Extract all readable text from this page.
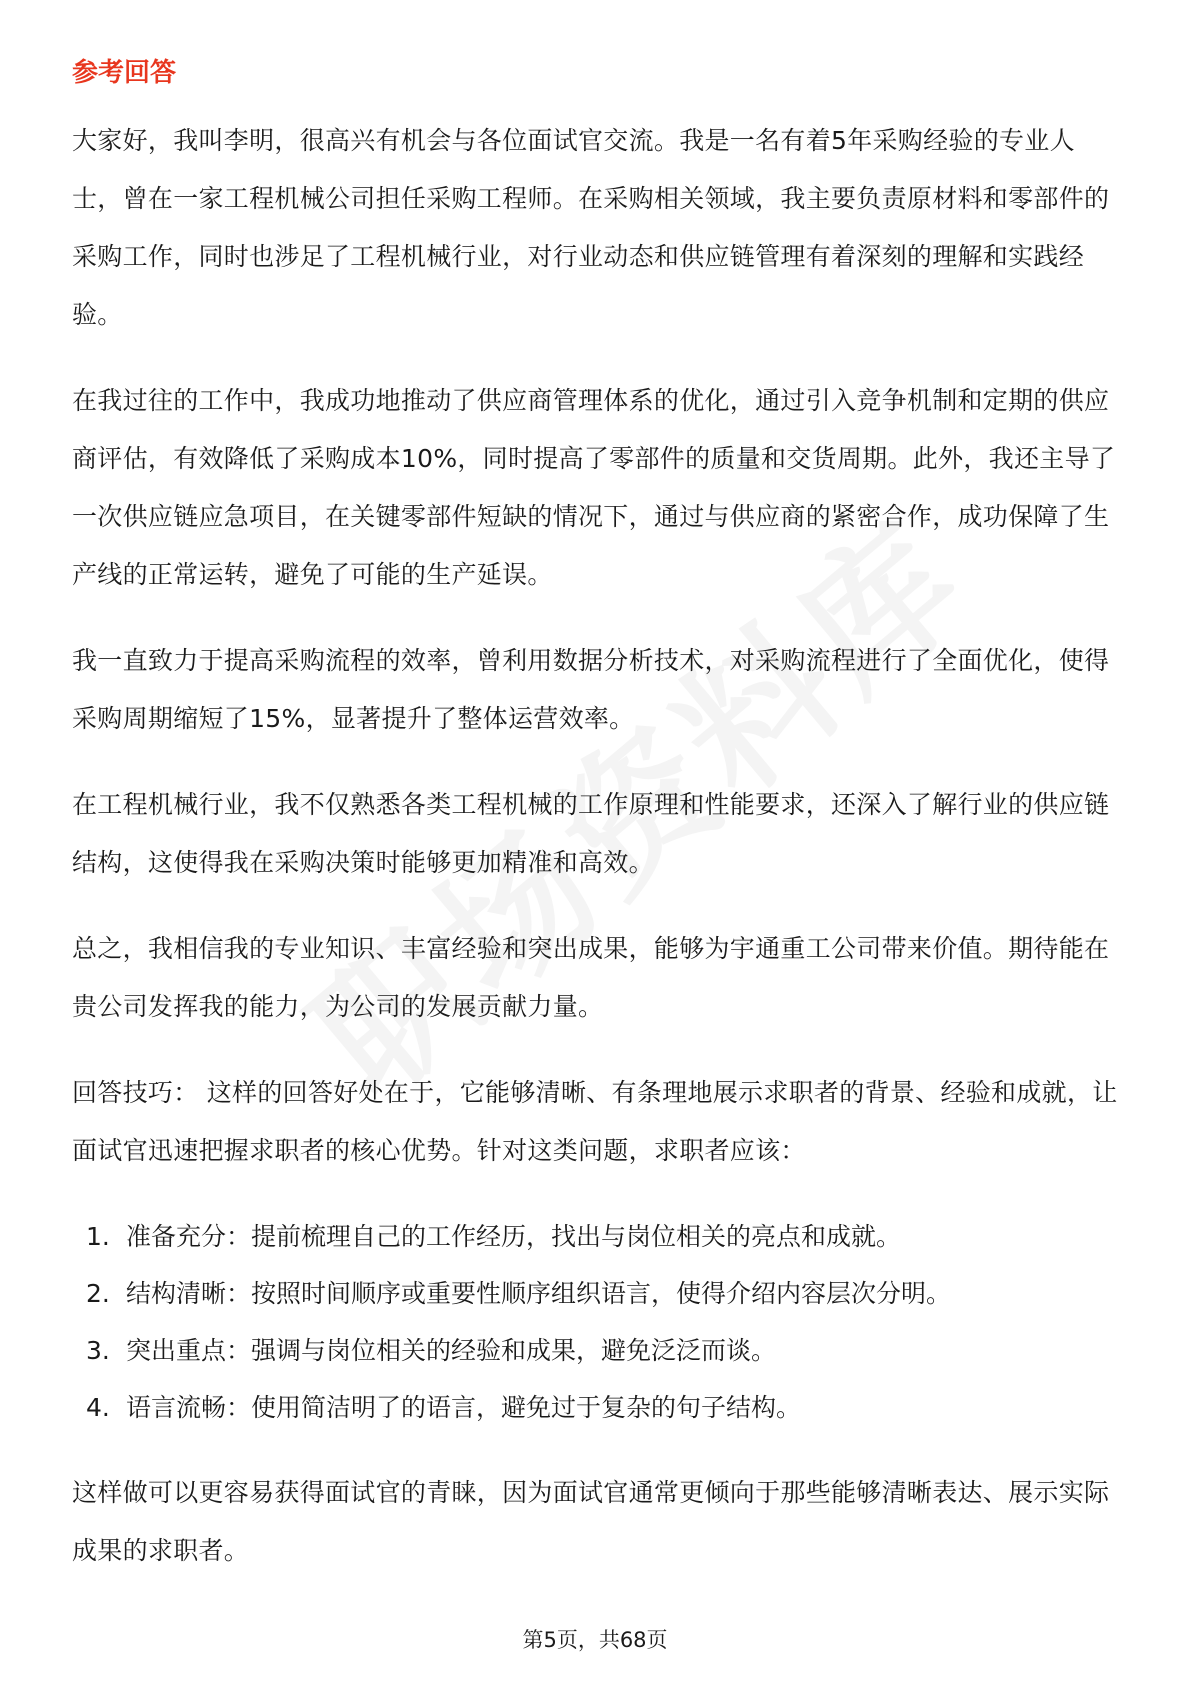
参考回答

大家好，我叫李明，很高兴有机会与各位面试官交流。我是一名有着5年采购经验的专业人士，曾在一家工程机械公司担任采购工程师。在采购相关领域，我主要负责原材料和零部件的采购工作，同时也涉足了工程机械行业，对行业动态和供应链管理有着深刻的理解和实践经验。

在我过往的工作中，我成功地推动了供应商管理体系的优化，通过引入竞争机制和定期的供应商评估，有效降低了采购成本10%，同时提高了零部件的质量和交货周期。此外，我还主导了一次供应链应急项目，在关键零部件短缺的情况下，通过与供应商的紧密合作，成功保障了生产线的正常运转，避免了可能的生产延误。

我一直致力于提高采购流程的效率，曾利用数据分析技术，对采购流程进行了全面优化，使得采购周期缩短了15%，显著提升了整体运营效率。

在工程机械行业，我不仅熟悉各类工程机械的工作原理和性能要求，还深入了解行业的供应链结构，这使得我在采购决策时能够更加精准和高效。

总之，我相信我的专业知识、丰富经验和突出成果，能够为宇通重工公司带来价值。期待能在贵公司发挥我的能力，为公司的发展贡献力量。

回答技巧： 这样的回答好处在于，它能够清晰、有条理地展示求职者的背景、经验和成就，让面试官迅速把握求职者的核心优势。针对这类问题，求职者应该：

1. 准备充分：提前梳理自己的工作经历，找出与岗位相关的亮点和成就。
2. 结构清晰：按照时间顺序或重要性顺序组织语言，使得介绍内容层次分明。
3. 突出重点：强调与岗位相关的经验和成果，避免泛泛而谈。
4. 语言流畅：使用简洁明了的语言，避免过于复杂的句子结构。

这样做可以更容易获得面试官的青睐，因为面试官通常更倾向于那些能够清晰表达、展示实际成果的求职者。

第5页，共68页
